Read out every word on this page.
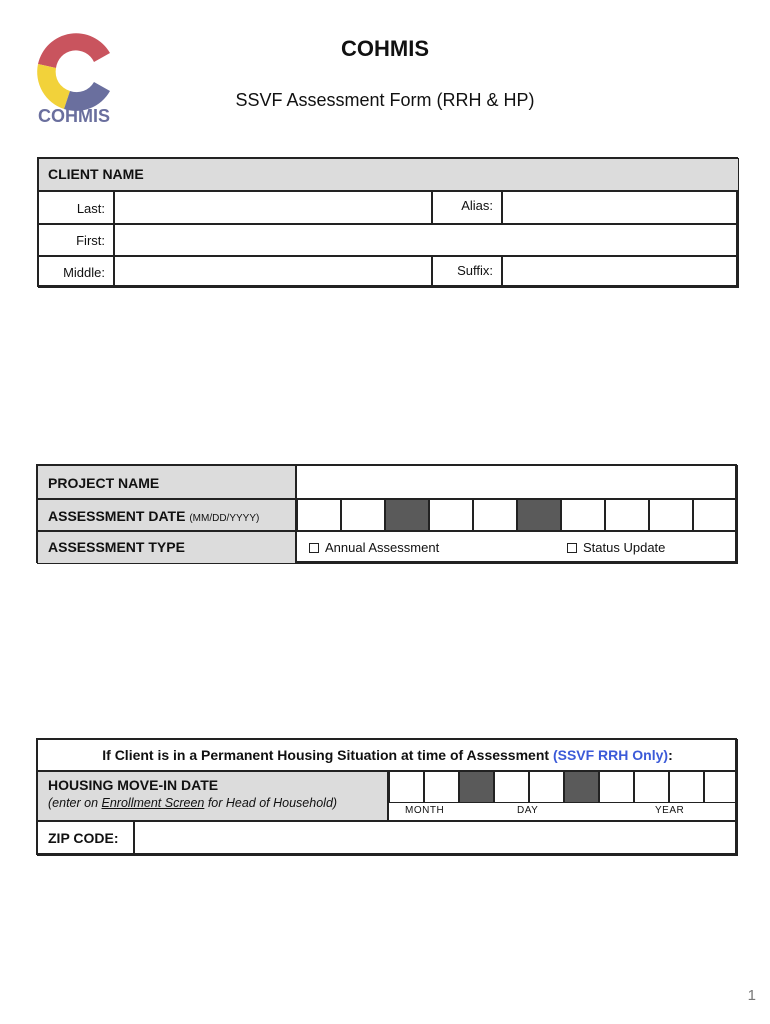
COHMIS
COHMIS
SSVF Assessment Form (RRH & HP)
CLIENT NAME
Last:	Alias:
First:
Middle:	Suffix:
PROJECT NAME
ASSESSMENT DATE (MM/DD/YYYY)
ASSESSMENT TYPE	Annual Assessment	Status Update
If Client is in a Permanent Housing Situation at time of Assessment (SSVF RRH Only):
HOUSING MOVE-IN DATE
(enter on Enrollment Screen for Head of Household)
MONTH	DAY	YEAR
ZIP CODE:
1
